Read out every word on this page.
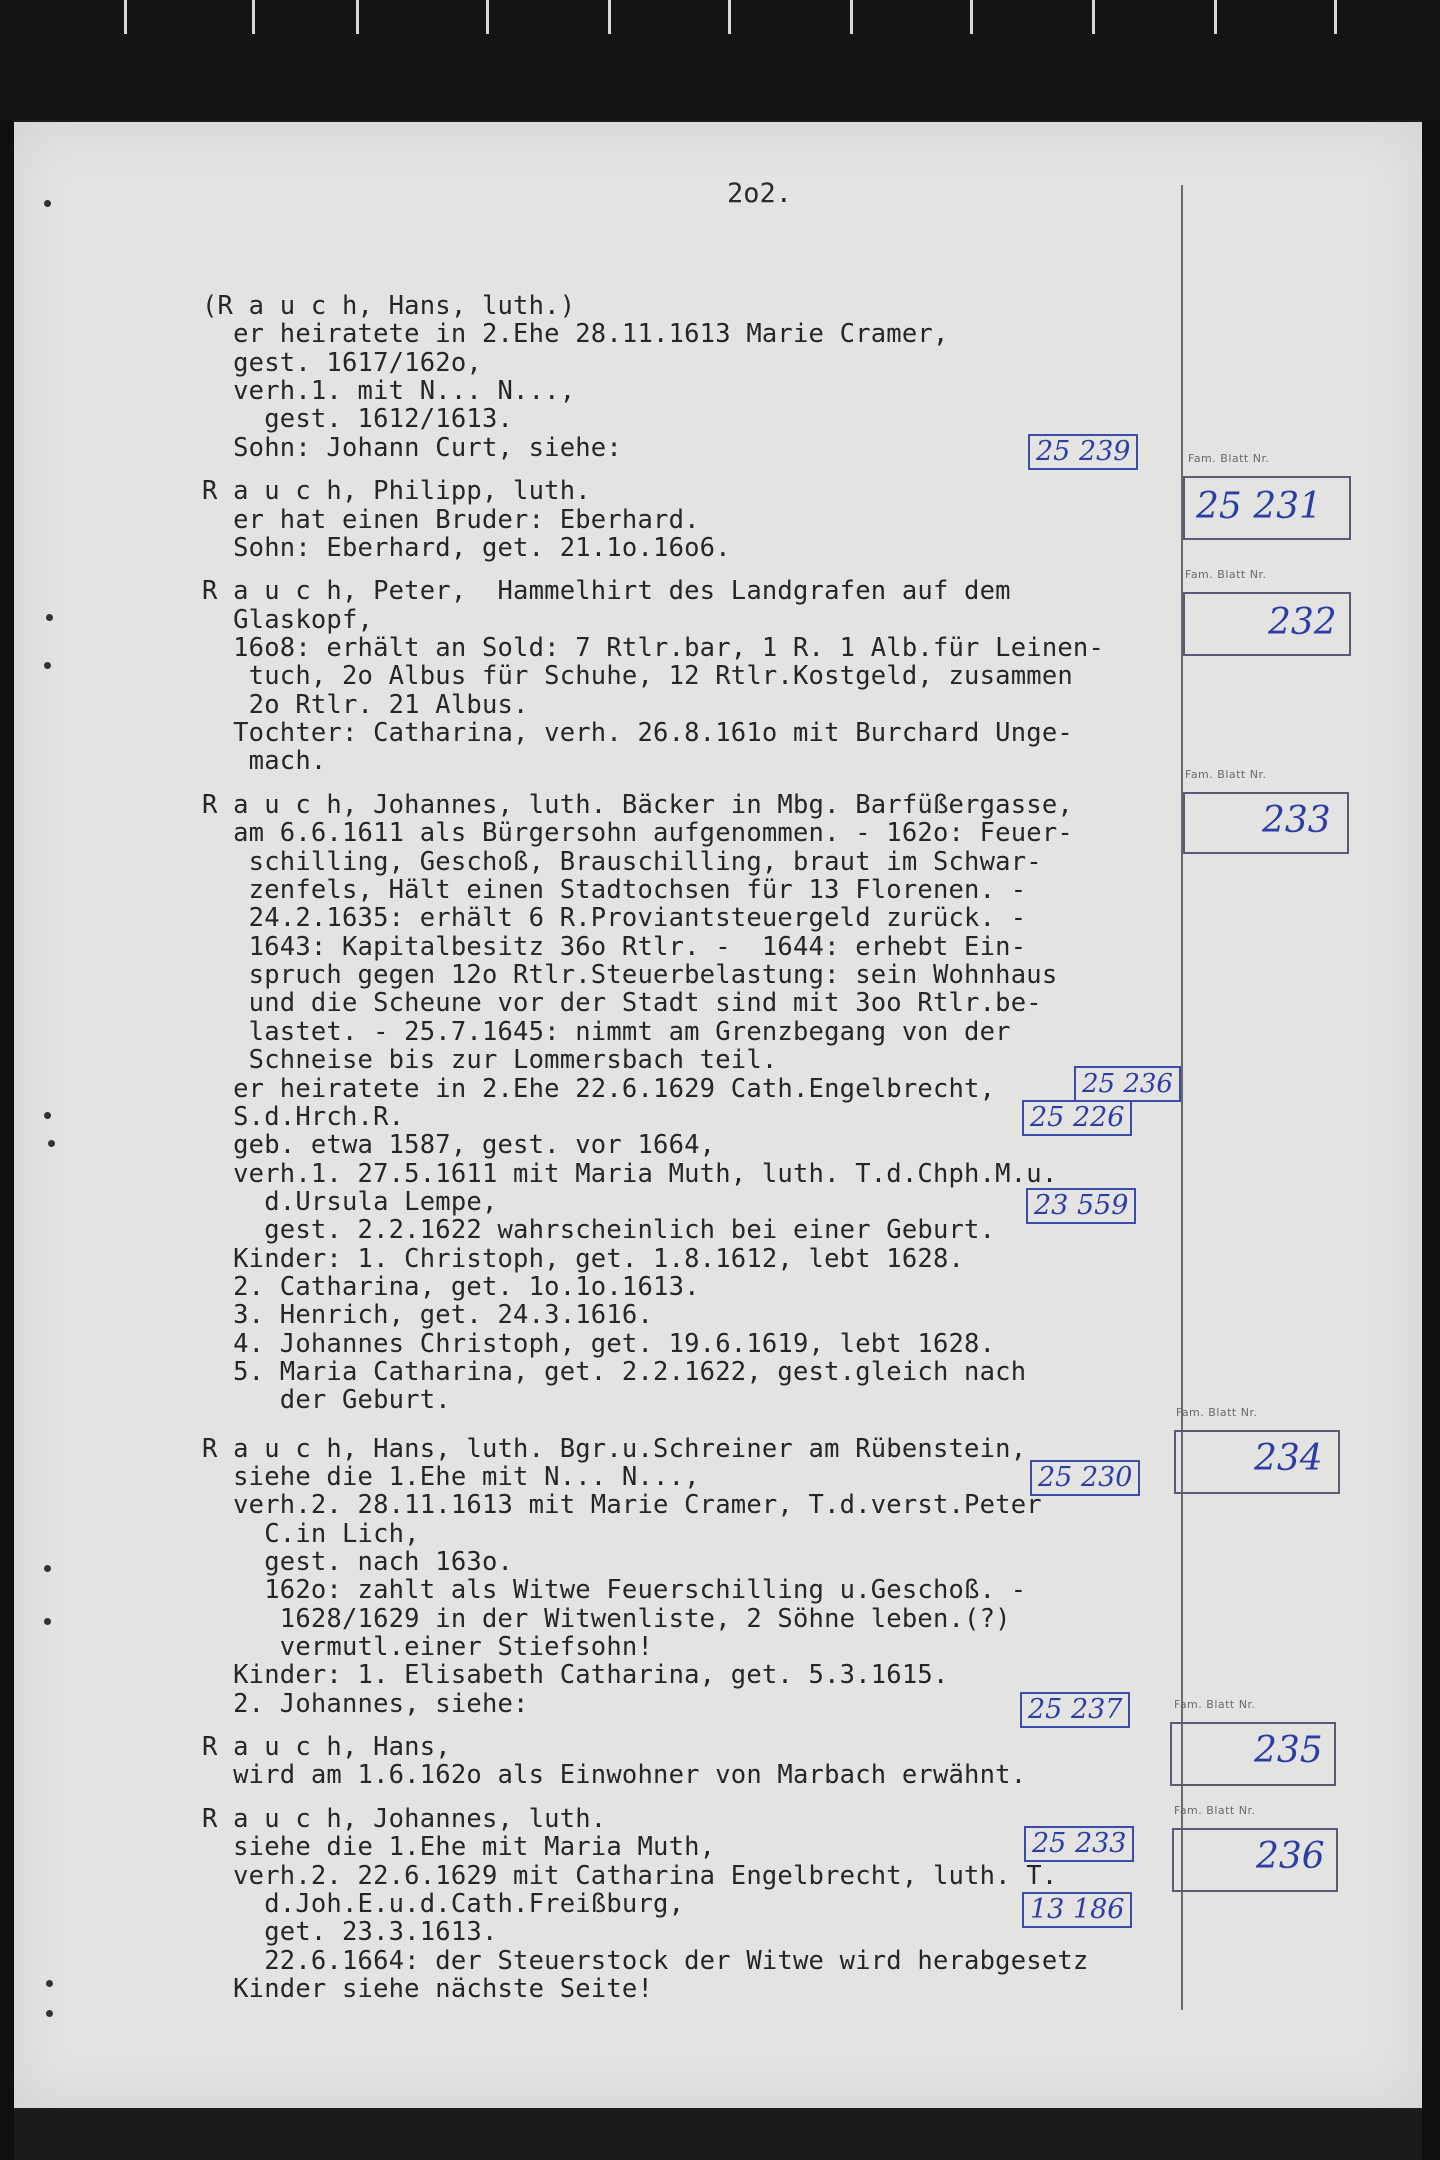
2o2.
(R a u c h, Hans, luth.)
er heiratete in 2.Ehe 28.11.1613 Marie Cramer,
gest. 1617/162o,
verh.1. mit N... N...,
gest. 1612/1613.
Sohn: Johann Curt, siehe:
R a u c h, Philipp, luth.
er hat einen Bruder: Eberhard.
Sohn: Eberhard, get. 21.1o.16o6.
R a u c h, Peter,  Hammelhirt des Landgrafen auf dem
Glaskopf,
16o8: erhält an Sold: 7 Rtlr.bar, 1 R. 1 Alb.für Leinen-
tuch, 2o Albus für Schuhe, 12 Rtlr.Kostgeld, zusammen
2o Rtlr. 21 Albus.
Tochter: Catharina, verh. 26.8.161o mit Burchard Unge-
mach.
R a u c h, Johannes, luth. Bäcker in Mbg. Barfüßergasse,
am 6.6.1611 als Bürgersohn aufgenommen. - 162o: Feuer-
schilling, Geschoß, Brauschilling, braut im Schwar-
zenfels, Hält einen Stadtochsen für 13 Florenen. -
24.2.1635: erhält 6 R.Proviantsteuergeld zurück. -
1643: Kapitalbesitz 36o Rtlr. -  1644: erhebt Ein-
spruch gegen 12o Rtlr.Steuerbelastung: sein Wohnhaus
und die Scheune vor der Stadt sind mit 3oo Rtlr.be-
lastet. - 25.7.1645: nimmt am Grenzbegang von der
Schneise bis zur Lommersbach teil.
er heiratete in 2.Ehe 22.6.1629 Cath.Engelbrecht,
S.d.Hrch.R.
geb. etwa 1587, gest. vor 1664,
verh.1. 27.5.1611 mit Maria Muth, luth. T.d.Chph.M.u.
d.Ursula Lempe,
gest. 2.2.1622 wahrscheinlich bei einer Geburt.
Kinder: 1. Christoph, get. 1.8.1612, lebt 1628.
2. Catharina, get. 1o.1o.1613.
3. Henrich, get. 24.3.1616.
4. Johannes Christoph, get. 19.6.1619, lebt 1628.
5. Maria Catharina, get. 2.2.1622, gest.gleich nach
der Geburt.
R a u c h, Hans, luth. Bgr.u.Schreiner am Rübenstein,
siehe die 1.Ehe mit N... N...,
verh.2. 28.11.1613 mit Marie Cramer, T.d.verst.Peter
C.in Lich,
gest. nach 163o.
162o: zahlt als Witwe Feuerschilling u.Geschoß. -
1628/1629 in der Witwenliste, 2 Söhne leben.(?)
vermutl.einer Stiefsohn!
Kinder: 1. Elisabeth Catharina, get. 5.3.1615.
2. Johannes, siehe:
R a u c h, Hans,
wird am 1.6.162o als Einwohner von Marbach erwähnt.
R a u c h, Johannes, luth.
siehe die 1.Ehe mit Maria Muth,
verh.2. 22.6.1629 mit Catharina Engelbrecht, luth. T.
d.Joh.E.u.d.Cath.Freißburg,
get. 23.3.1613.
22.6.1664: der Steuerstock der Witwe wird herabgesetz
Kinder siehe nächste Seite!
25 239
25 236
25 226
23 559
25 230
25 237
25 233
13 186
Fam. Blatt Nr.
25 231
Fam. Blatt Nr.
232
Fam. Blatt Nr.
233
Fam. Blatt Nr.
234
Fam. Blatt Nr.
235
Fam. Blatt Nr.
236
